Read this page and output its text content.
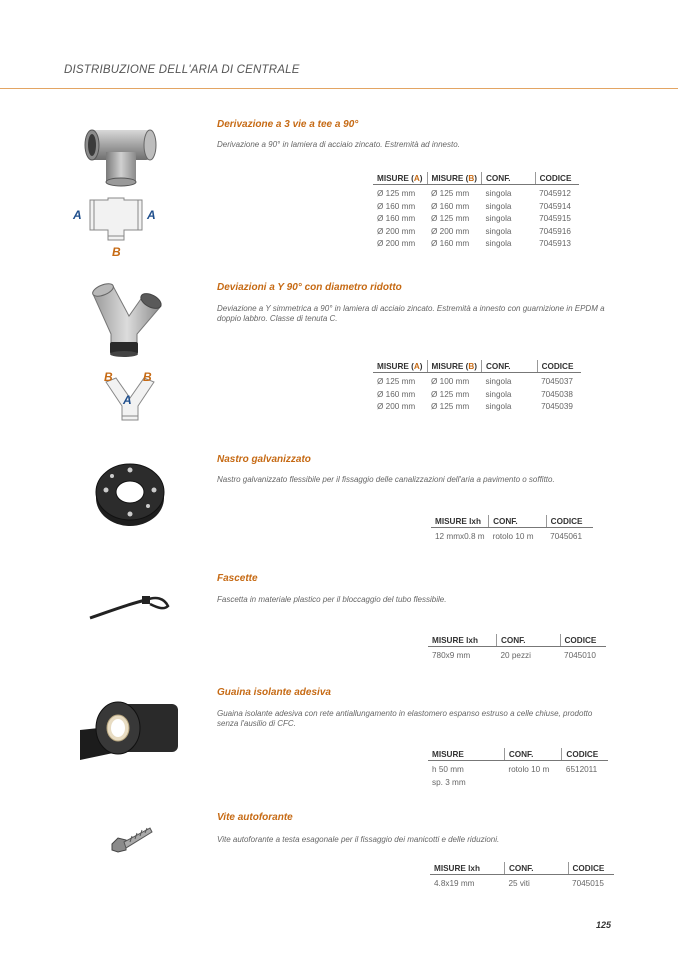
DISTRIBUZIONE DELL'ARIA DI CENTRALE
Derivazione a 3 vie a tee a 90°
Derivazione a 90° in lamiera di acciaio zincato. Estremità ad innesto.
A	A
B
MISURE (A)	MISURE (B)	CONF.	CODICE
Ø 125 mm	Ø 125 mm	singola	7045912
Ø 160 mm	Ø 160 mm	singola	7045914
Ø 160 mm	Ø 125 mm	singola	7045915
Ø 200 mm	Ø 200 mm	singola	7045916
Ø 200 mm	Ø 160 mm	singola	7045913
Deviazioni a Y 90° con diametro ridotto
Deviazione a Y simmetrica a 90° in lamiera di acciaio zincato. Estremità a innesto con guarnizione in EPDM a doppio labbro. Classe di tenuta C.
B	B
A
MISURE (A)	MISURE (B)	CONF.	CODICE
Ø 125 mm	Ø 100 mm	singola	7045037
Ø 160 mm	Ø 125 mm	singola	7045038
Ø 200 mm	Ø 125 mm	singola	7045039
Nastro galvanizzato
Nastro galvanizzato flessibile per il fissaggio delle canalizzazioni dell'aria a pavimento o soffitto.
MISURE lxh	CONF.	CODICE
12 mmx0.8 m	rotolo 10 m	7045061
Fascette
Fascetta in materiale plastico per il bloccaggio del tubo flessibile.
MISURE lxh	CONF.	CODICE
780x9 mm	20 pezzi	7045010
Guaina isolante adesiva
Guaina isolante adesiva con rete antiallungamento in elastomero espanso estruso a celle chiuse, prodotto senza l'ausilio di CFC.
MISURE	CONF.	CODICE
h 50 mm	rotolo 10 m	6512011
sp. 3 mm		
Vite autoforante
Vite autoforante a testa esagonale per il fissaggio dei manicotti e delle riduzioni.
MISURE lxh	CONF.	CODICE
4.8x19 mm	25 viti	7045015
125
